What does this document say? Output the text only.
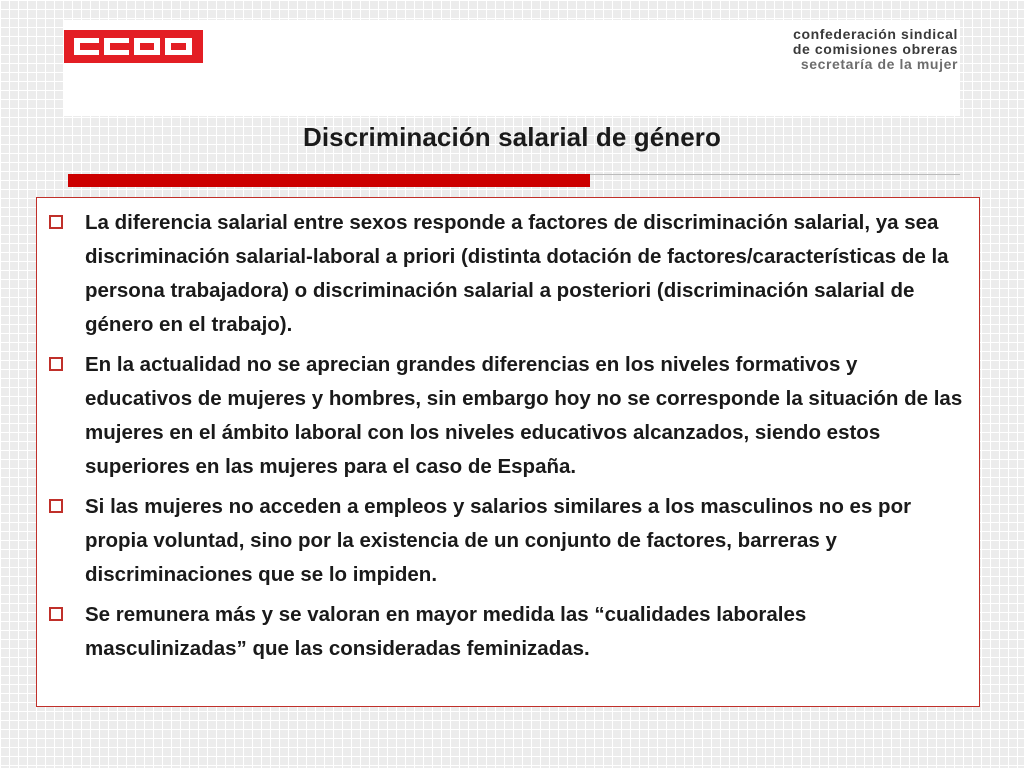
confederación sindical
de comisiones obreras
secretaría de la mujer
Discriminación salarial de género
La diferencia salarial entre sexos responde a factores de discriminación salarial, ya sea discriminación salarial-laboral a priori (distinta dotación de factores/características de la persona trabajadora) o discriminación salarial a posteriori (discriminación salarial de género en el trabajo).
En la actualidad no se aprecian grandes diferencias en los niveles formativos y educativos de mujeres y hombres, sin embargo hoy no se corresponde la situación de las mujeres en el ámbito laboral con los niveles educativos alcanzados, siendo estos superiores en las mujeres para el caso de España.
Si las mujeres no acceden a empleos y salarios similares a los masculinos no es por propia voluntad, sino por la existencia de un conjunto de factores, barreras y discriminaciones que se lo impiden.
Se remunera más y se valoran en mayor medida las “cualidades laborales masculinizadas” que las consideradas feminizadas.
